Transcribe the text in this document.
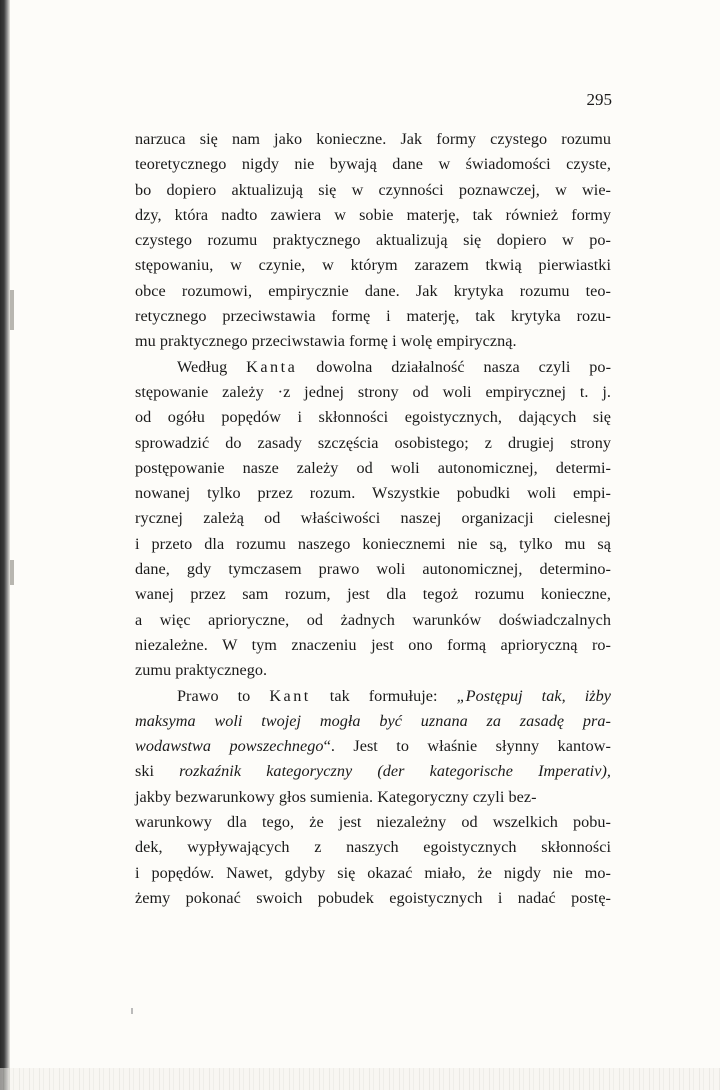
295
narzuca się nam jako konieczne. Jak formy czystego rozumu
teoretycznego nigdy nie bywają dane w świadomości czyste,
bo dopiero aktualizują się w czynności poznawczej, w wie-
dzy, która nadto zawiera w sobie materję, tak również formy
czystego rozumu praktycznego aktualizują się dopiero w po-
stępowaniu, w czynie, w którym zarazem tkwią pierwiastki
obce rozumowi, empirycznie dane. Jak krytyka rozumu teo-
retycznego przeciwstawia formę i materję, tak krytyka rozu-
mu praktycznego przeciwstawia formę i wolę empiryczną.
Według Kanta dowolna działalność nasza czyli po-
stępowanie zależy ·z jednej strony od woli empirycznej t. j.
od ogółu popędów i skłonności egoistycznych, dających się
sprowadzić do zasady szczęścia osobistego; z drugiej strony
postępowanie nasze zależy od woli autonomicznej, determi-
nowanej tylko przez rozum. Wszystkie pobudki woli empi-
rycznej zależą od właściwości naszej organizacji cielesnej
i przeto dla rozumu naszego koniecznemi nie są, tylko mu są
dane, gdy tymczasem prawo woli autonomicznej, determino-
wanej przez sam rozum, jest dla tegoż rozumu konieczne,
a więc aprioryczne, od żadnych warunków doświadczalnych
niezależne. W tym znaczeniu jest ono formą aprioryczną ro-
zumu praktycznego.
Prawo to Kant tak formułuje: „Postępuj tak, iżby
maksyma woli twojej mogła być uznana za zasadę pra-
wodawstwa powszechnego“. Jest to właśnie słynny kantow-
ski rozkaźnik kategoryczny (der kategorische Imperativ),
jakby bezwarunkowy głos sumienia. Kategoryczny czyli bez-
warunkowy dla tego, że jest niezależny od wszelkich pobu-
dek, wypływających z naszych egoistycznych skłonności
i popędów. Nawet, gdyby się okazać miało, że nigdy nie mo-
żemy pokonać swoich pobudek egoistycznych i nadać postę-
